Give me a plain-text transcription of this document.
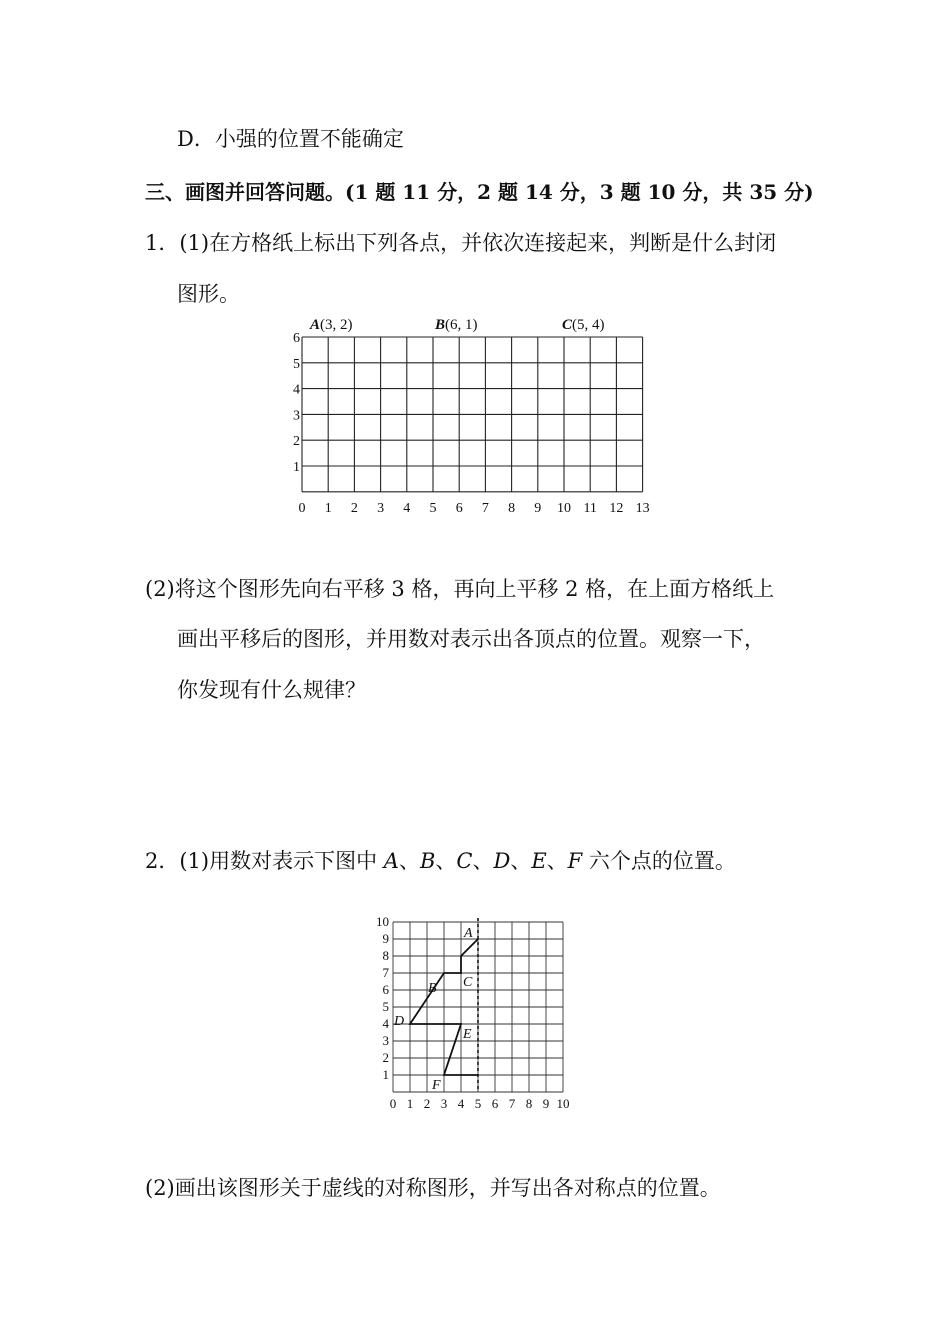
D．小强的位置不能确定
三、画图并回答问题。(1 题 11 分，2 题 14 分，3 题 10 分，共 35 分)
1．(1)在方格纸上标出下列各点，并依次连接起来，判断是什么封闭
图形。
0 1 2 3 4 5 6 7 8 9 10 11 12 13
1
2
3
4
5
6
A(3, 2)	B(6, 1)	C(5, 4)
(2)将这个图形先向右平移 3 格，再向上平移 2 格，在上面方格纸上
画出平移后的图形，并用数对表示出各顶点的位置。观察一下，
你发现有什么规律？
2．(1)用数对表示下图中 A、B、C、D、E、F 六个点的位置。
0 1 2 3 4 5 6 7 8 9 10
1
2
3
4
5
6
7
8
9
10
A
B C
D
E
F
(2)画出该图形关于虚线的对称图形，并写出各对称点的位置。
